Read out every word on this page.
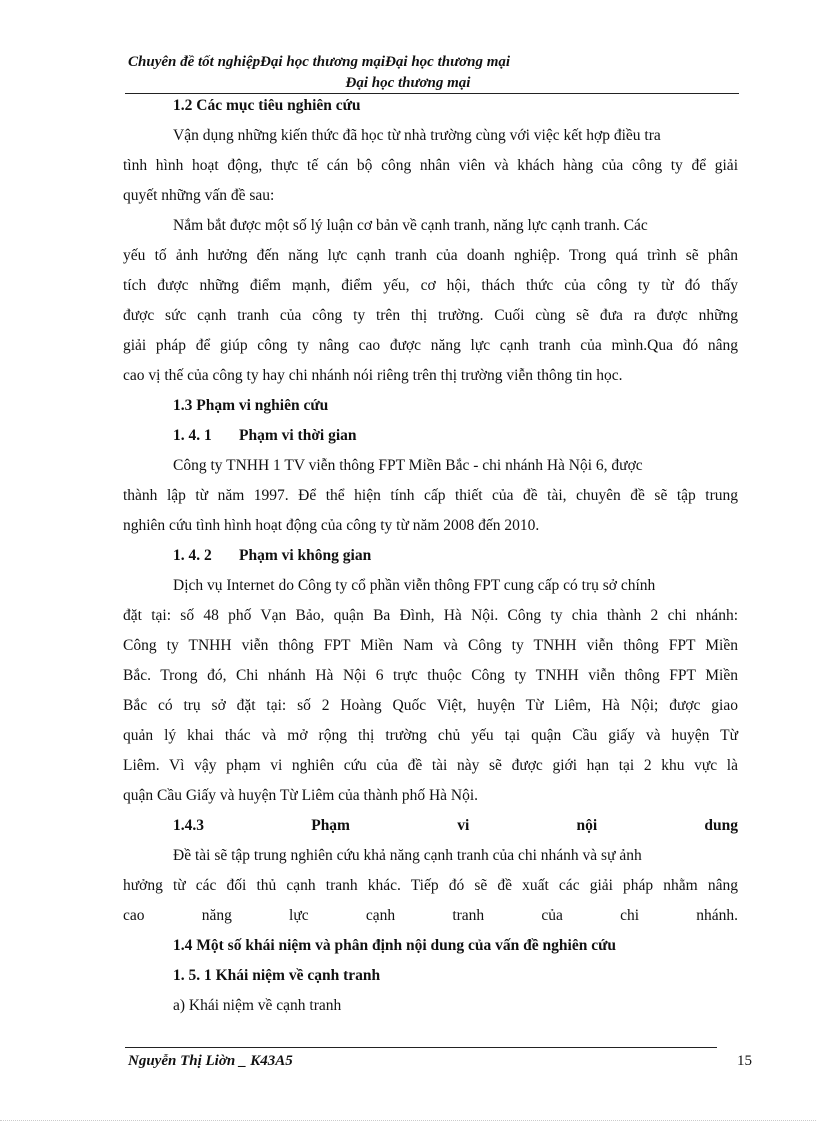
Chuyên đề tốt nghiệpĐại học thương mạiĐại học thương mại
Đại học thương mại
1.2 Các mục tiêu nghiên cứu
Vận dụng những kiến thức đã học từ nhà trường cùng với việc kết hợp điều tra
tình hình hoạt động, thực tế cán bộ công nhân viên và khách hàng của công ty để giải
quyết những vấn đề sau:
Nắm bắt được một số lý luận cơ bản về cạnh tranh, năng lực cạnh tranh. Các
yếu tố ảnh hưởng đến năng lực cạnh tranh của doanh nghiệp. Trong quá trình sẽ phân
tích được những điểm mạnh, điểm yếu, cơ hội, thách thức của công ty từ đó thấy
được sức cạnh tranh của công ty trên thị trường. Cuối cùng sẽ đưa ra được những
giải pháp để giúp công ty nâng cao được năng lực cạnh tranh của mình.Qua đó nâng
cao vị thế của công ty hay chi nhánh nói riêng trên thị trường viễn thông tin học.
1.3 Phạm vi nghiên cứu
1. 4. 1 Phạm vi thời gian
Công ty TNHH 1 TV viễn thông FPT Miền Bắc - chi nhánh Hà Nội 6, được
thành lập từ năm 1997. Để thể hiện tính cấp thiết của đề tài, chuyên đề sẽ tập trung
nghiên cứu tình hình hoạt động của công ty từ năm 2008 đến 2010.
1. 4. 2 Phạm vi không gian
Dịch vụ Internet do Công ty cổ phần viễn thông FPT cung cấp có trụ sở chính
đặt tại: số 48 phố Vạn Bảo, quận Ba Đình, Hà Nội. Công ty chia thành 2 chi nhánh:
Công ty TNHH viễn thông FPT Miền Nam và Công ty TNHH viễn thông FPT Miền
Bắc. Trong đó, Chi nhánh Hà Nội 6 trực thuộc Công ty TNHH viễn thông FPT Miền
Bắc có trụ sở đặt tại: số 2 Hoàng Quốc Việt, huyện Từ Liêm, Hà Nội; được giao
quản lý khai thác và mở rộng thị trường chủ yếu tại quận Cầu giấy và huyện Từ
Liêm. Vì vậy phạm vi nghiên cứu của đề tài này sẽ được giới hạn tại 2 khu vực là
quận Cầu Giấy và huyện Từ Liêm của thành phố Hà Nội.
1.4.3 Phạm vi nội dung
Đề tài sẽ tập trung nghiên cứu khả năng cạnh tranh của chi nhánh và sự ảnh
hưởng từ các đối thủ cạnh tranh khác. Tiếp đó sẽ đề xuất các giải pháp nhằm nâng
cao năng lực cạnh tranh của chi nhánh.
1.4 Một số khái niệm và phân định nội dung của vấn đề nghiên cứu
1. 5. 1 Khái niệm về cạnh tranh
a) Khái niệm về cạnh tranh
Nguyễn Thị Liờn _ K43A5	15
